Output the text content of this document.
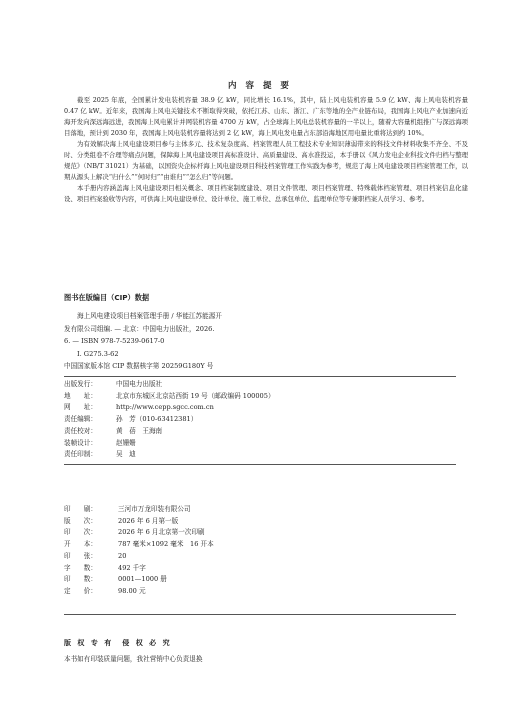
内 容 提 要

截至 2025 年底，全国累计发电装机容量 38.9 亿 kW，同比增长 16.1%，其中，陆上风电装机容量 5.9 亿 kW、海上风电装机容量 0.47 亿 kW。近年来，我国海上风电关键技术不断取得突破，依托江苏、山东、浙江、广东等地的全产业链布局，我国海上风电产业加速向近海开发向深远海远进，我国海上风电累计并网装机容量 4700 万 kW，占全球海上风电总装机容量的一半以上，随着大容量机组推广与深远海项目落地，预计到 2030 年，我国海上风电装机容量将达到 2 亿 kW，海上风电发电量占东部沿海地区用电量比重将达到约 10%。

为有效解决海上风电建设项目参与主体多元、技术复杂度高、档案管理人员工程技术专业知识薄弱带来的科技文件材料收集不齐全、不及时、分类组卷不合理等痛点问题，保障海上风电建设项目高标准设计、高质量建设、高水准投运，本手册以《风力发电企业科技文件归档与整理规范》（NB/T 31021）为基础，以国资央企标杆海上风电建设项目科技档案管理工作实践为参考，规范了海上风电建设项目档案管理工作，以期从源头上解决“归什么”“何时归”“由谁归”“怎么归”等问题。

本手册内容涵盖海上风电建设项目相关概念、项目档案制度建设、项目文件管理、项目档案管理、特殊载体档案管理、项目档案信息化建设、项目档案验收等内容，可供海上风电建设单位、设计单位、施工单位、总承包单位、监理单位等专兼职档案人员学习、参考。

图书在版编目（CIP）数据
海上风电建设项目档案管理手册 / 华能江苏能源开
发有限公司组编. — 北京：中国电力出版社，2026.
6. — ISBN 978-7-5239-0617-0
Ⅰ. G275.3-62
中国国家版本馆 CIP 数据核字第 20259G180Y 号
出版发行：	中国电力出版社
地　　址：	北京市东城区北京站西街 19 号（邮政编码 100005）
网　　址：	http://www.cepp.sgcc.com.cn
责任编辑：	孙　芳（010-63412381）
责任校对：	黄　蓓　王海南
装帧设计：	赵姗姗
责任印制：	吴　迪
印　　刷：	三河市万龙印装有限公司
版　　次：	2026 年 6 月第一版
印　　次：	2026 年 6 月北京第一次印刷
开　　本：	787 毫米×1092 毫米　16 开本
印　　张：	20
字　　数：	492 千字
印　　数：	0001—1000 册
定　　价：	98.00 元
版 权 专 有　侵 权 必 究
本书如有印装质量问题，我社营销中心负责退换
